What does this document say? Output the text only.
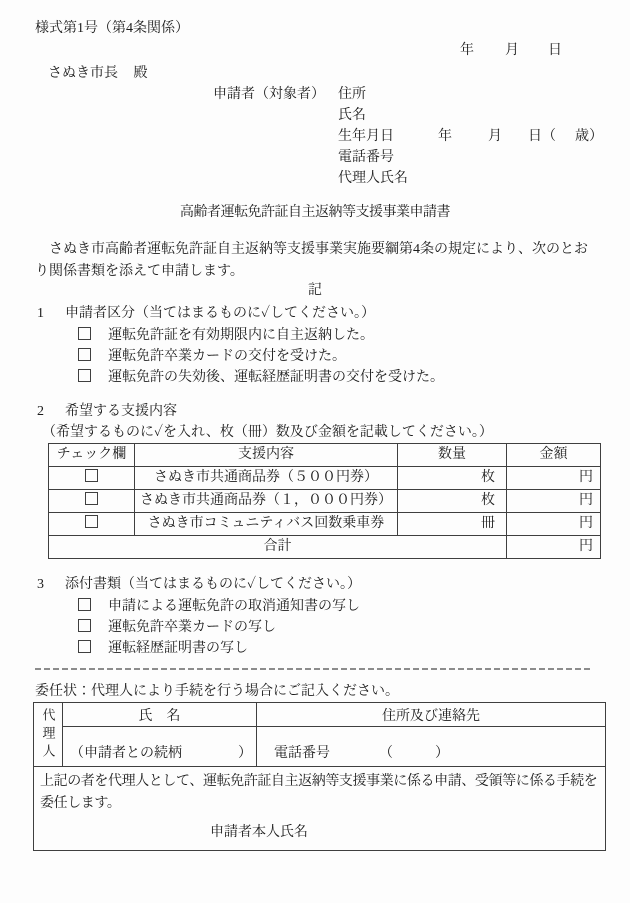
様式第1号（第4条関係）
年 月 日
さぬき市長 殿
申請者（対象者） 住所
氏名
生年月日	年	月 日（ 歳）
電話番号
代理人氏名
高齢者運転免許証自主返納等支援事業申請書
　さぬき市高齢者運転免許証自主返納等支援事業実施要綱第4条の規定により、次のとおり関係書類を添えて申請します。
記
1 申請者区分（当てはまるものに✓してください。）
運転免許証を有効期限内に自主返納した。
運転免許卒業カードの交付を受けた。
運転免許の失効後、運転経歴証明書の交付を受けた。
2 希望する支援内容
（希望するものに✓を入れ、枚（冊）数及び金額を記載してください。）
チェック欄	支援内容	数量	金額
	さぬき市共通商品券（５００円券）	枚	円
	さぬき市共通商品券（１，０００円券）	枚	円
	さぬき市コミュニティバス回数乗車券	冊	円
合計			円
3 添付書類（当てはまるものに✓してください。）
申請による運転免許の取消通知書の写し
運転免許卒業カードの写し
運転経歴証明書の写し
委任状：代理人により手続を行う場合にご記入ください。
代理人	氏　名	住所及び連絡先
	（申請者との続柄　　　　）	電話番号　　　　（　　　）

上記の者を代理人として、運転免許証自主返納等支援事業に係る申請、受領等に係る手続を委任します。
申請者本人氏名		
